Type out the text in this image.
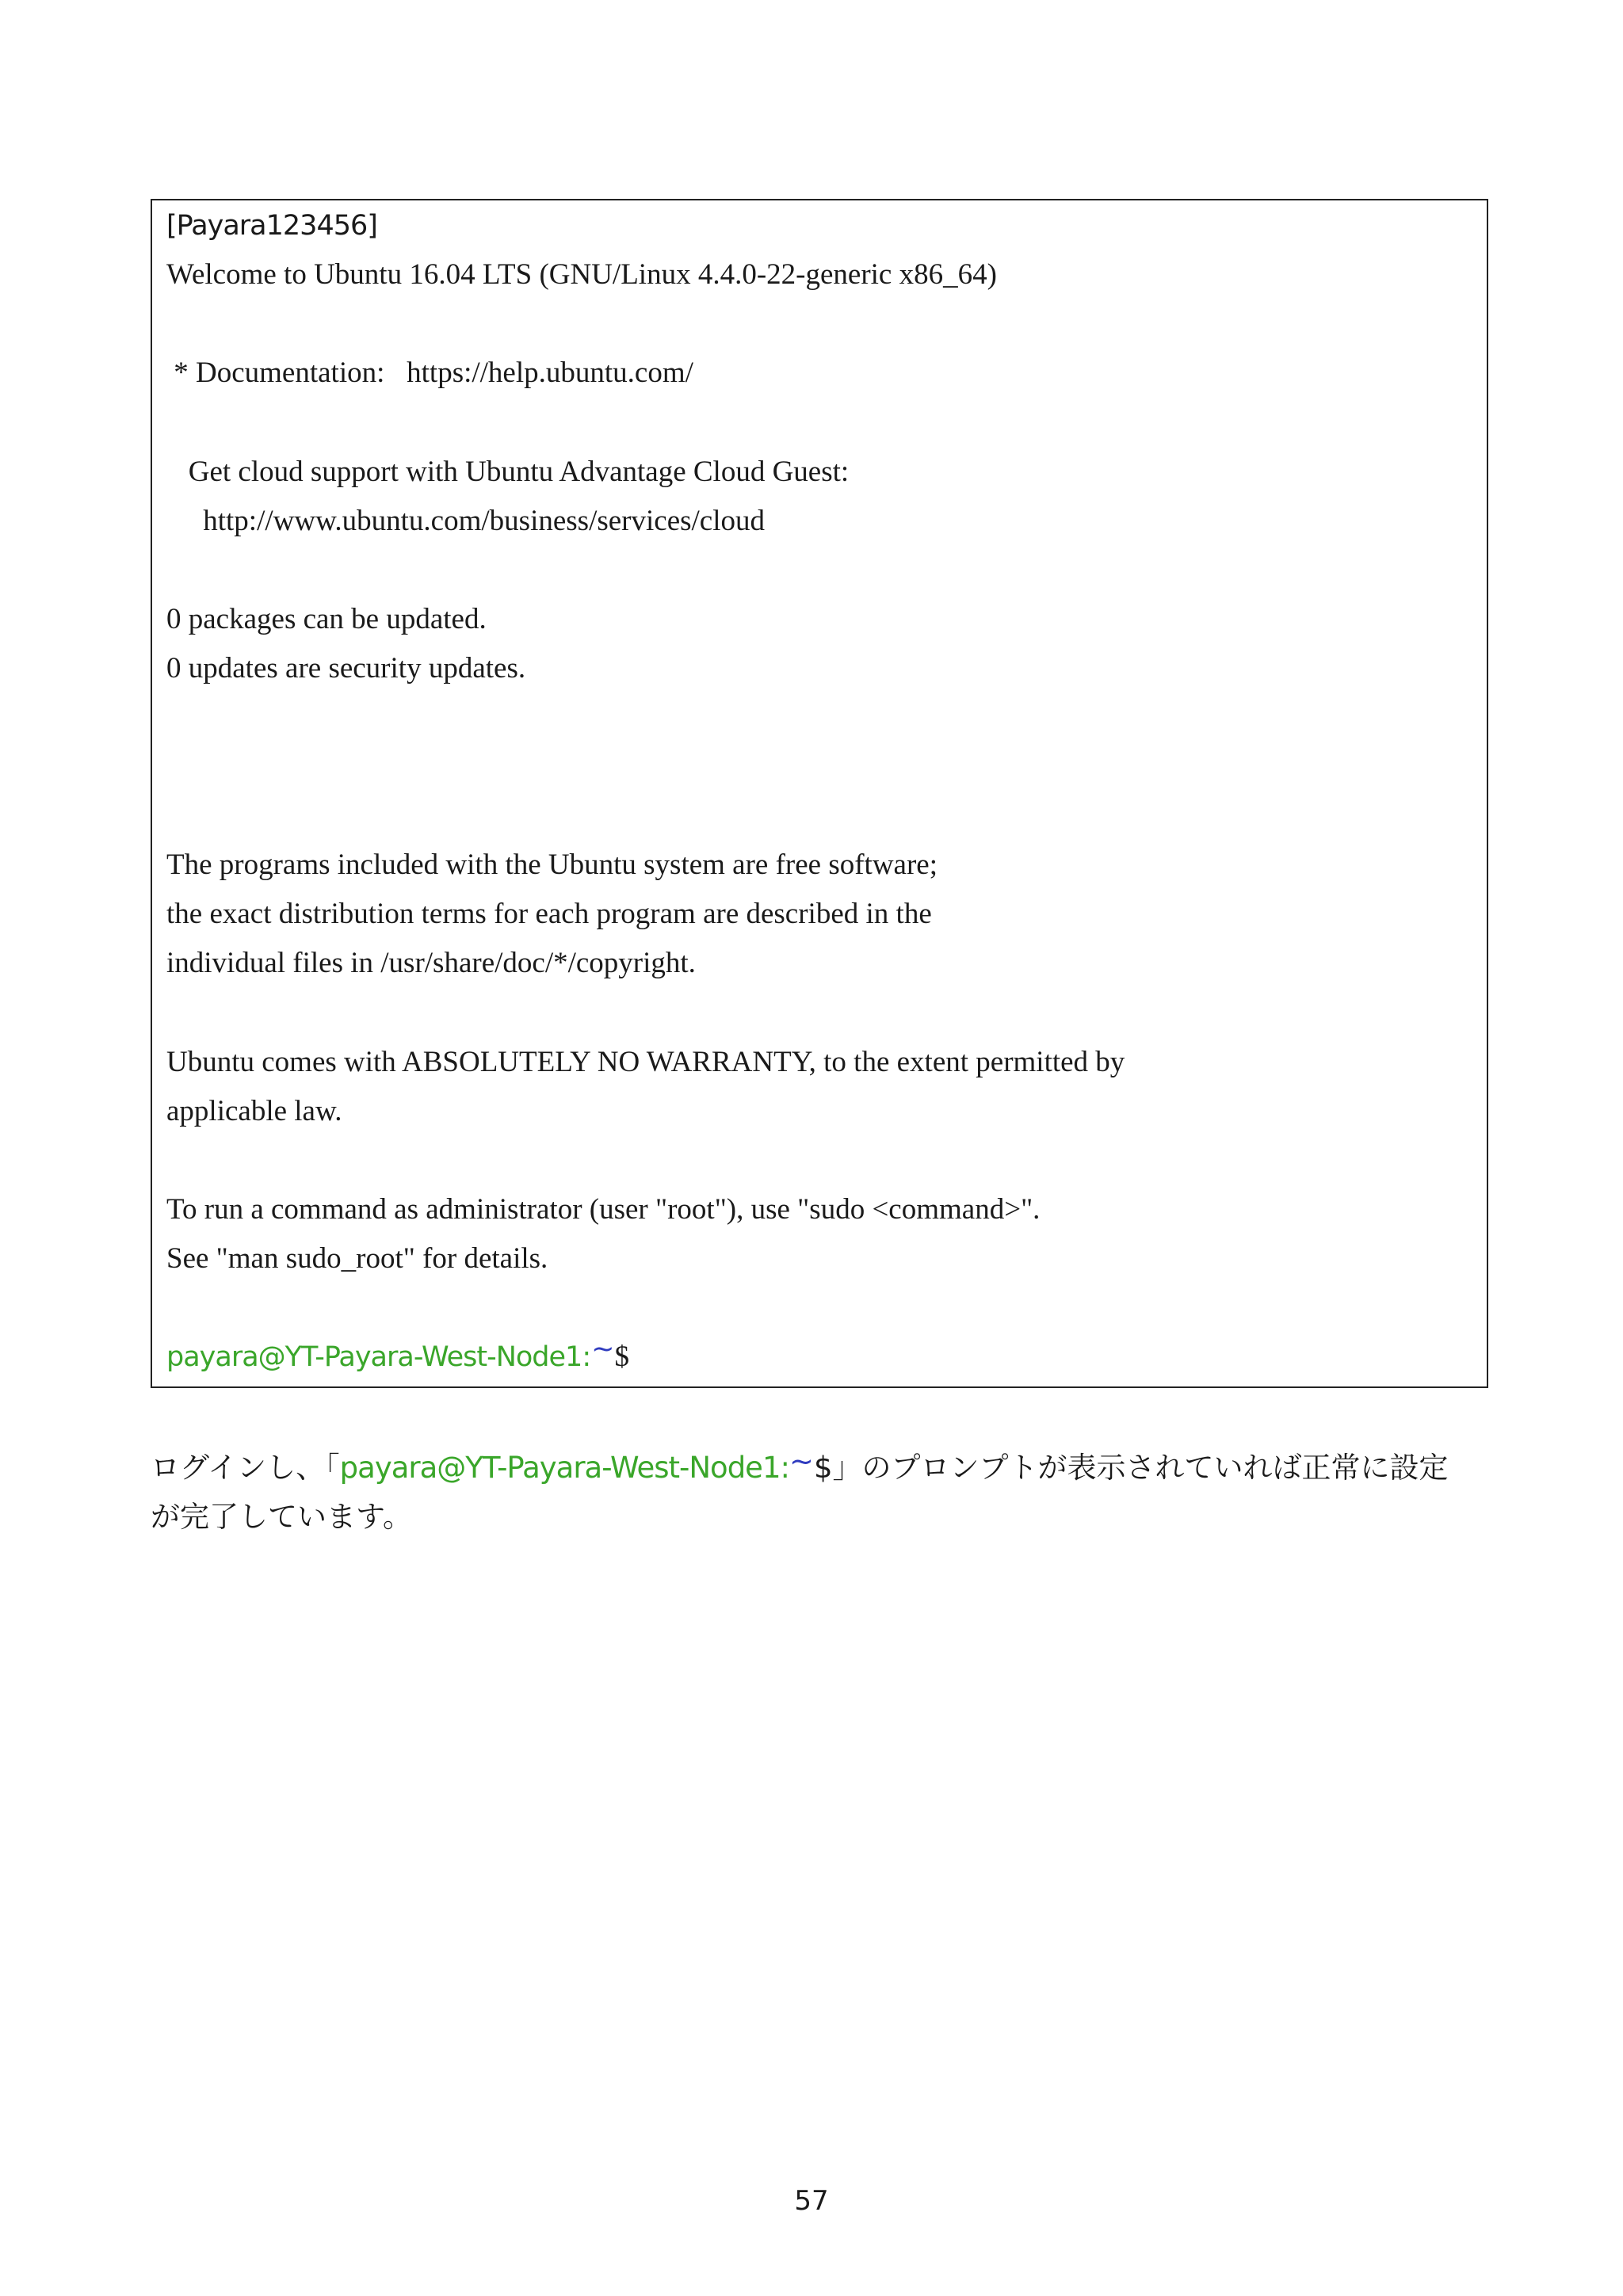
[Payara123456]
Welcome to Ubuntu 16.04 LTS (GNU/Linux 4.4.0-22-generic x86_64)
* Documentation:   https://help.ubuntu.com/
Get cloud support with Ubuntu Advantage Cloud Guest:
http://www.ubuntu.com/business/services/cloud
0 packages can be updated.
0 updates are security updates.
The programs included with the Ubuntu system are free software;
the exact distribution terms for each program are described in the
individual files in /usr/share/doc/*/copyright.
Ubuntu comes with ABSOLUTELY NO WARRANTY, to the extent permitted by
applicable law.
To run a command as administrator (user "root"), use "sudo <command>".
See "man sudo_root" for details.
payara@YT-Payara-West-Node1:~$
ログインし、「payara@YT-Payara-West-Node1:~$」のプロンプトが表示されていれば正常に設定
が完了しています。
57
